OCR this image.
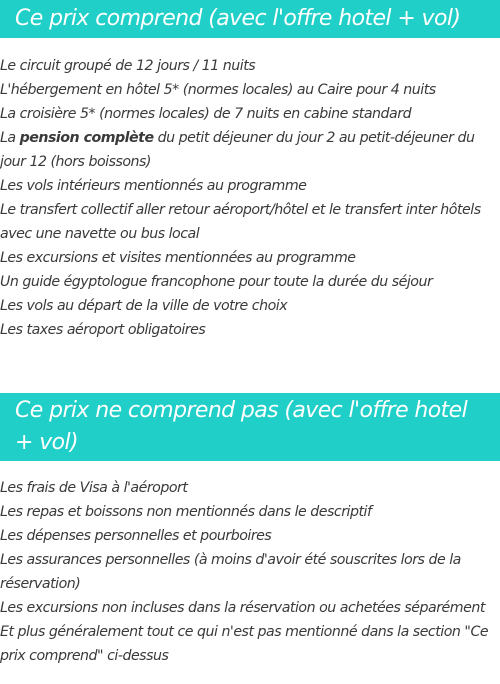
Ce prix comprend (avec l'offre hotel + vol)
Le circuit groupé de 12 jours / 11 nuits
L'hébergement en hôtel 5* (normes locales) au Caire pour 4 nuits
La croisière 5* (normes locales) de 7 nuits en cabine standard
La pension complète du petit déjeuner du jour 2 au petit-déjeuner du jour 12 (hors boissons)
Les vols intérieurs mentionnés au programme
Le transfert collectif aller retour aéroport/hôtel et le transfert inter hôtels avec une navette ou bus local
Les excursions et visites mentionnées au programme
Un guide égyptologue francophone pour toute la durée du séjour
Les vols au départ de la ville de votre choix
Les taxes aéroport obligatoires
Ce prix ne comprend pas (avec l'offre hotel + vol)
Les frais de Visa à l'aéroport
Les repas et boissons non mentionnés dans le descriptif
Les dépenses personnelles et pourboires
Les assurances personnelles (à moins d'avoir été souscrites lors de la réservation)
Les excursions non incluses dans la réservation ou achetées séparément
Et plus généralement tout ce qui n'est pas mentionné dans la section "Ce prix comprend" ci-dessus
